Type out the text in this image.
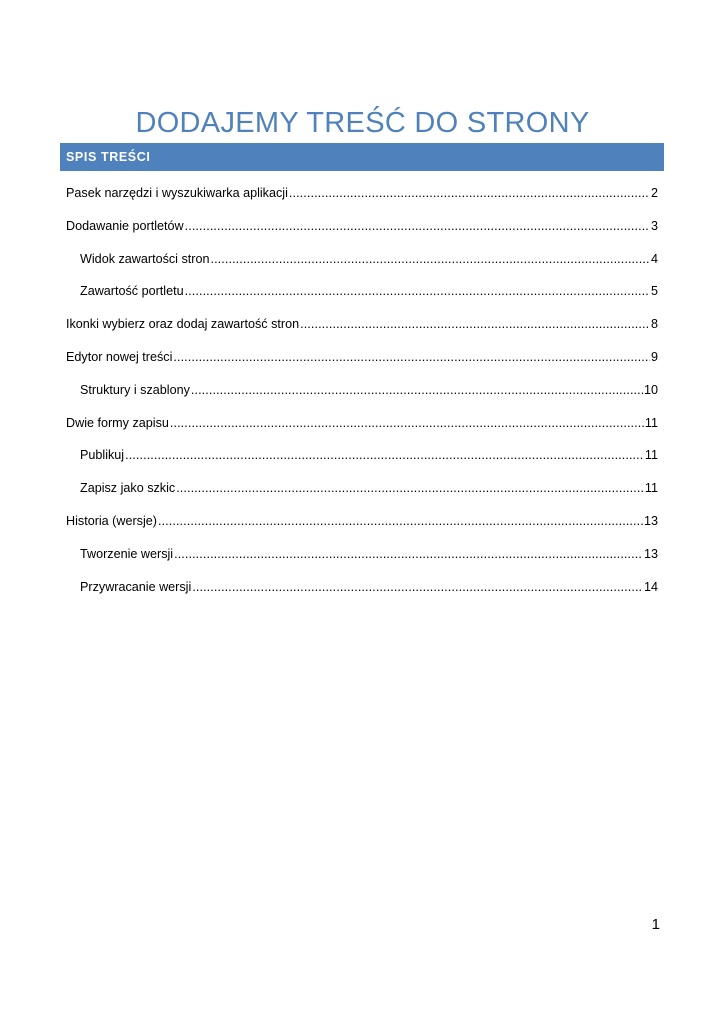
DODAJEMY TREŚĆ DO STRONY
SPIS TREŚCI
Pasek narzędzi i wyszukiwarka aplikacji .....	2
Dodawanie portletów .....	3
Widok zawartości stron .....	4
Zawartość portletu .....	5
Ikonki wybierz oraz dodaj zawartość stron .....	8
Edytor nowej treści .....	9
Struktury i szablony .....	10
Dwie formy zapisu .....	11
Publikuj .....	11
Zapisz jako szkic .....	11
Historia (wersje) .....	13
Tworzenie wersji .....	13
Przywracanie wersji .....	14
1
